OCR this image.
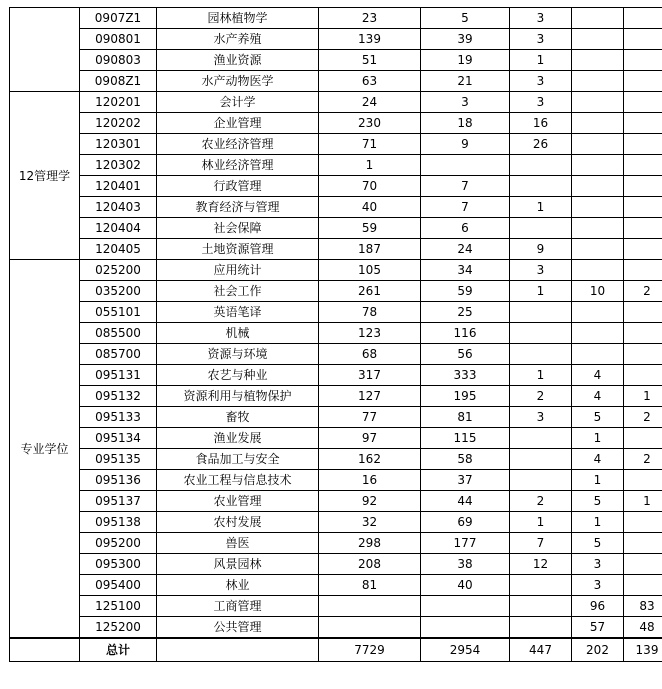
	0907Z1	园林植物学	23	5	3		
	090801	水产养殖	139	39	3		
	090803	渔业资源	51	19	1		
	0908Z1	水产动物医学	63	21	3		
12管理学	120201	会计学	24	3	3		
	120202	企业管理	230	18	16		
	120301	农业经济管理	71	9	26		
	120302	林业经济管理	1				
	120401	行政管理	70	7			
	120403	教育经济与管理	40	7	1		
	120404	社会保障	59	6			
	120405	土地资源管理	187	24	9		
专业学位	025200	应用统计	105	34	3		
	035200	社会工作	261	59	1	10	2
	055101	英语笔译	78	25			
	085500	机械	123	116			
	085700	资源与环境	68	56			
	095131	农艺与种业	317	333	1	4	
	095132	资源利用与植物保护	127	195	2	4	1
	095133	畜牧	77	81	3	5	2
	095134	渔业发展	97	115		1	
	095135	食品加工与安全	162	58		4	2
	095136	农业工程与信息技术	16	37		1	
	095137	农业管理	92	44	2	5	1
	095138	农村发展	32	69	1	1	
	095200	兽医	298	177	7	5	
	095300	风景园林	208	38	12	3	
	095400	林业	81	40		3	
	125100	工商管理				96	83
	125200	公共管理				57	48
	总计		7729	2954	447	202	139
